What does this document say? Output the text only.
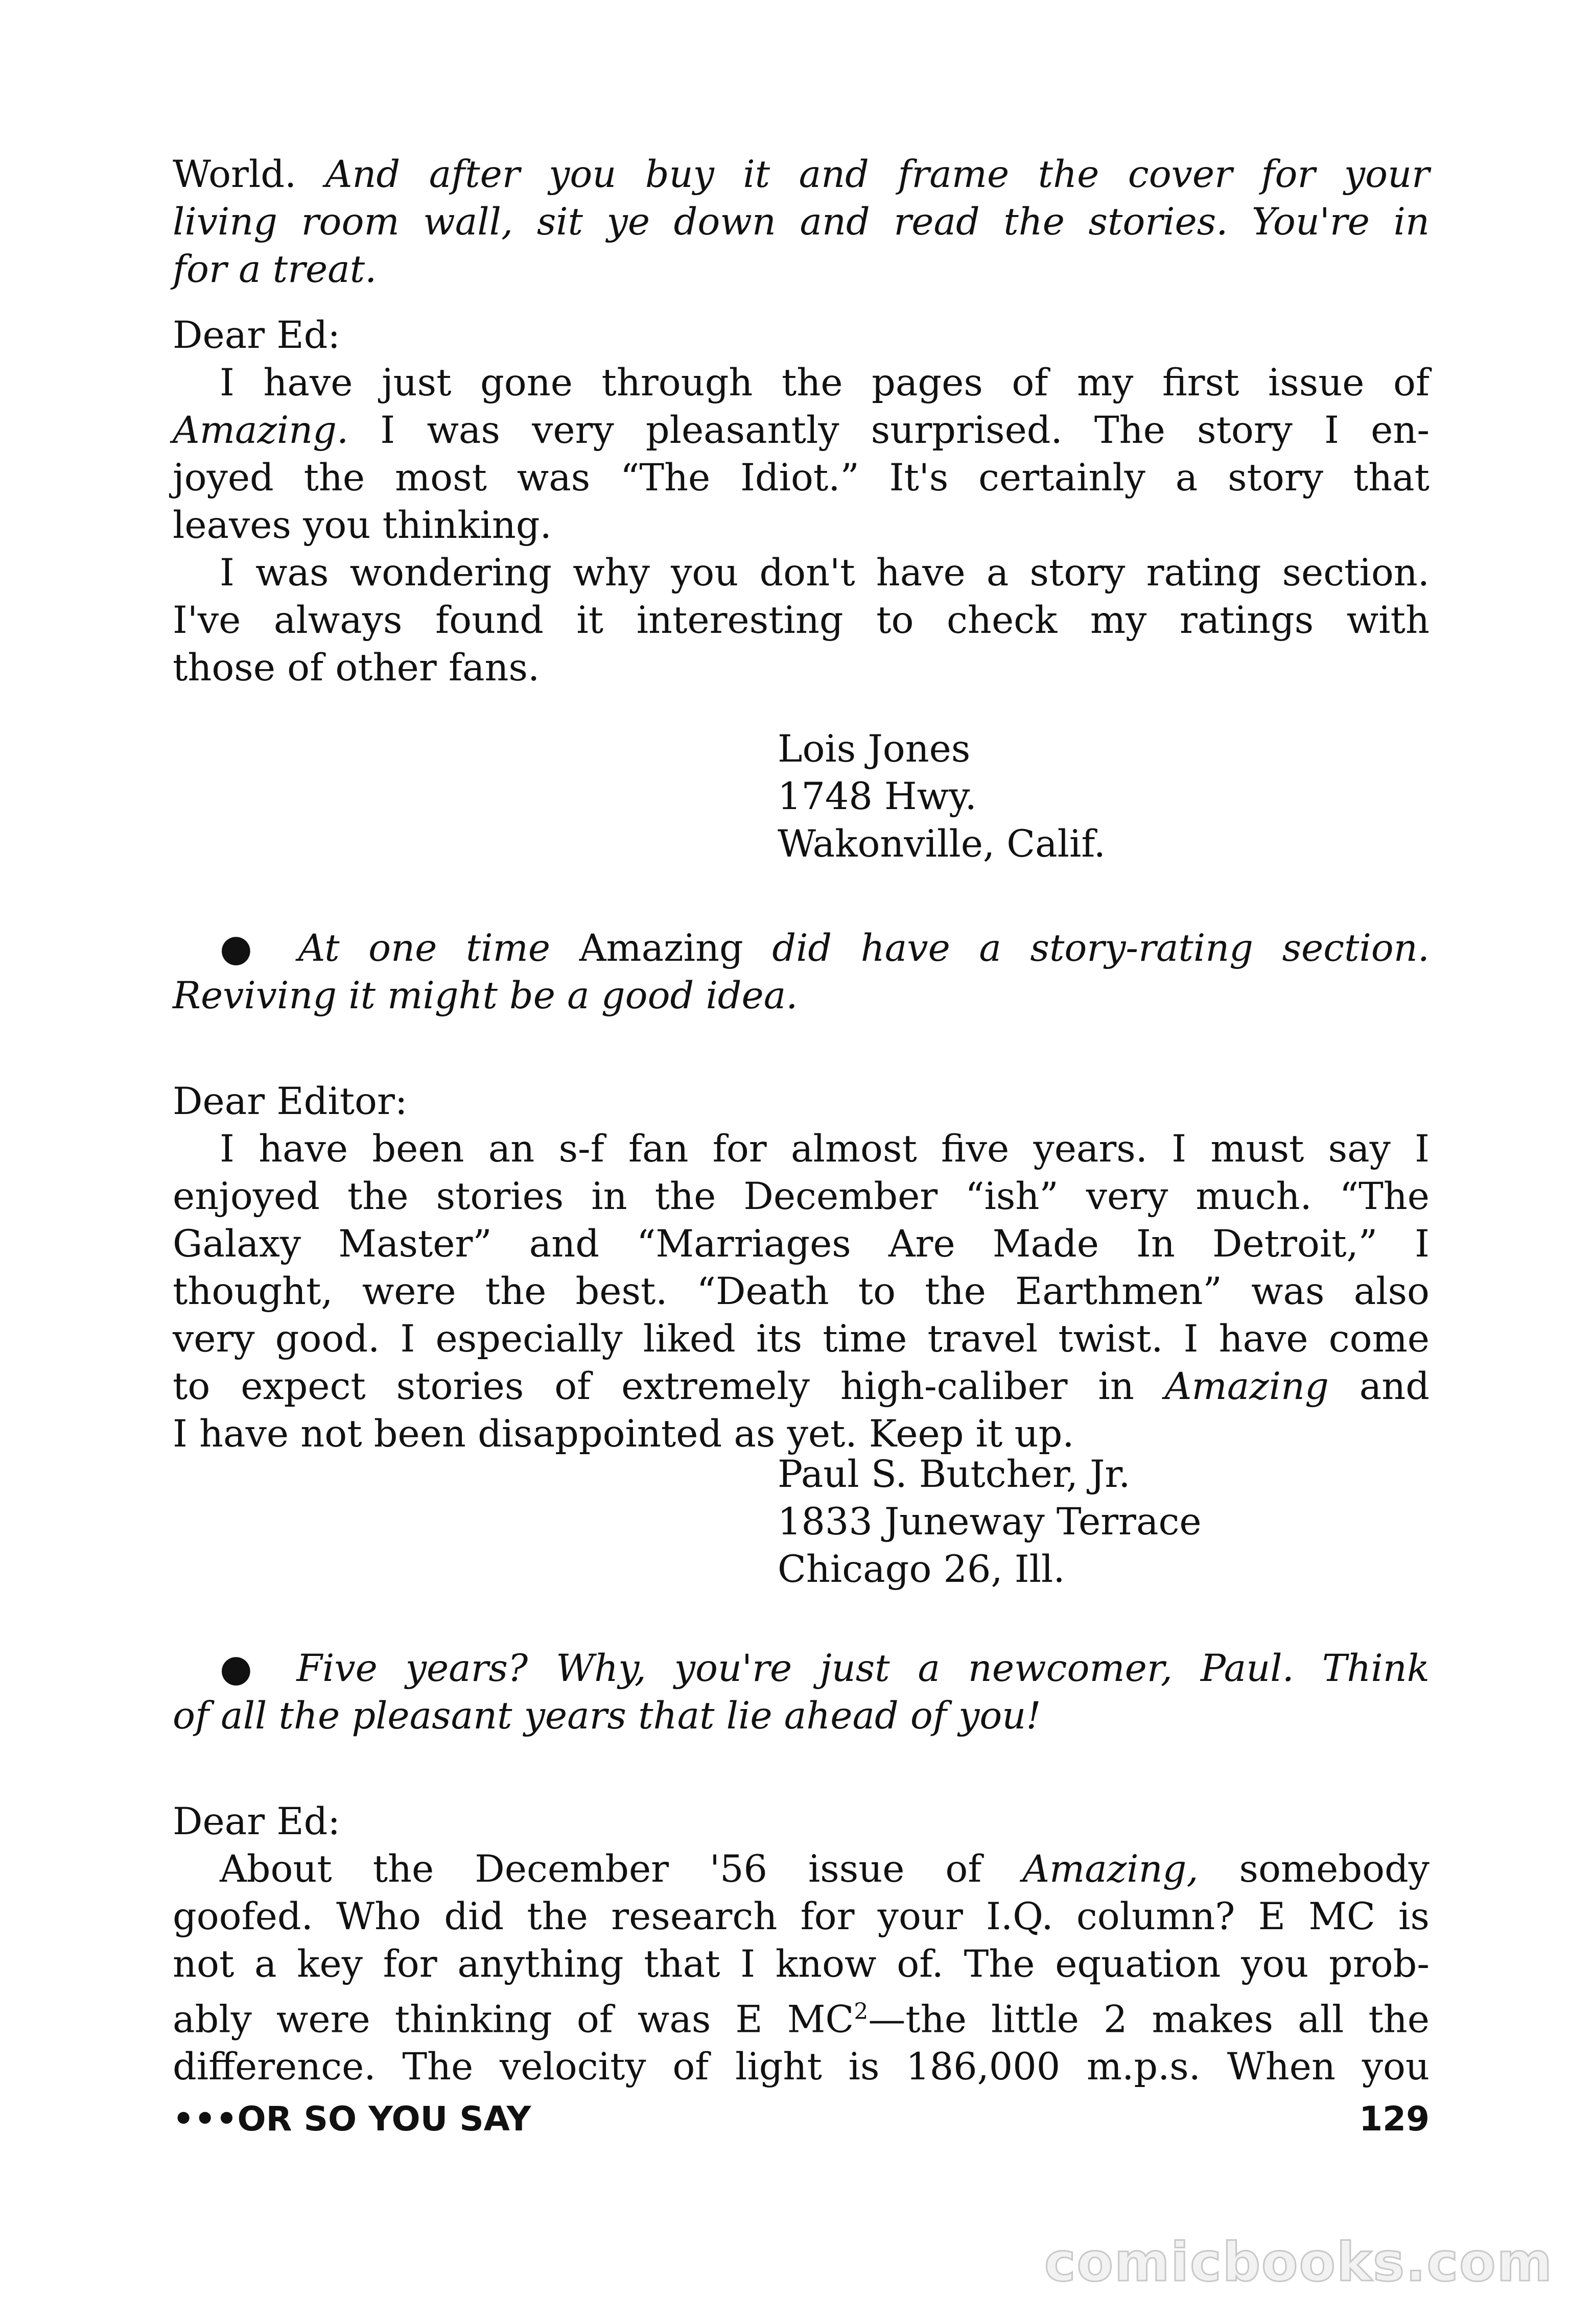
World. And after you buy it and frame the cover for your
living room wall, sit ye down and read the stories. You're in
for a treat.
Dear Ed:
I have just gone through the pages of my first issue of
Amazing. I was very pleasantly surprised. The story I en-
joyed the most was “The Idiot.” It's certainly a story that
leaves you thinking.
I was wondering why you don't have a story rating section.
I've always found it interesting to check my ratings with
those of other fans.
Lois Jones
1748 Hwy.
Wakonville, Calif.
● At one time Amazing did have a story-rating section.
Reviving it might be a good idea.
Dear Editor:
I have been an s-f fan for almost five years. I must say I
enjoyed the stories in the December “ish” very much. “The
Galaxy Master” and “Marriages Are Made In Detroit,” I
thought, were the best. “Death to the Earthmen” was also
very good. I especially liked its time travel twist. I have come
to expect stories of extremely high-caliber in Amazing and
I have not been disappointed as yet. Keep it up.
Paul S. Butcher, Jr.
1833 Juneway Terrace
Chicago 26, Ill.
● Five years? Why, you're just a newcomer, Paul. Think
of all the pleasant years that lie ahead of you!
Dear Ed:
About the December '56 issue of Amazing, somebody
goofed. Who did the research for your I.Q. column? E MC is
not a key for anything that I know of. The equation you prob-
ably were thinking of was E $MC^2—the$ little 2 makes all the
difference. The velocity of light is 186,000 m.p.s. When you
•••OR SO YOU SAY	129
comicbooks.com
